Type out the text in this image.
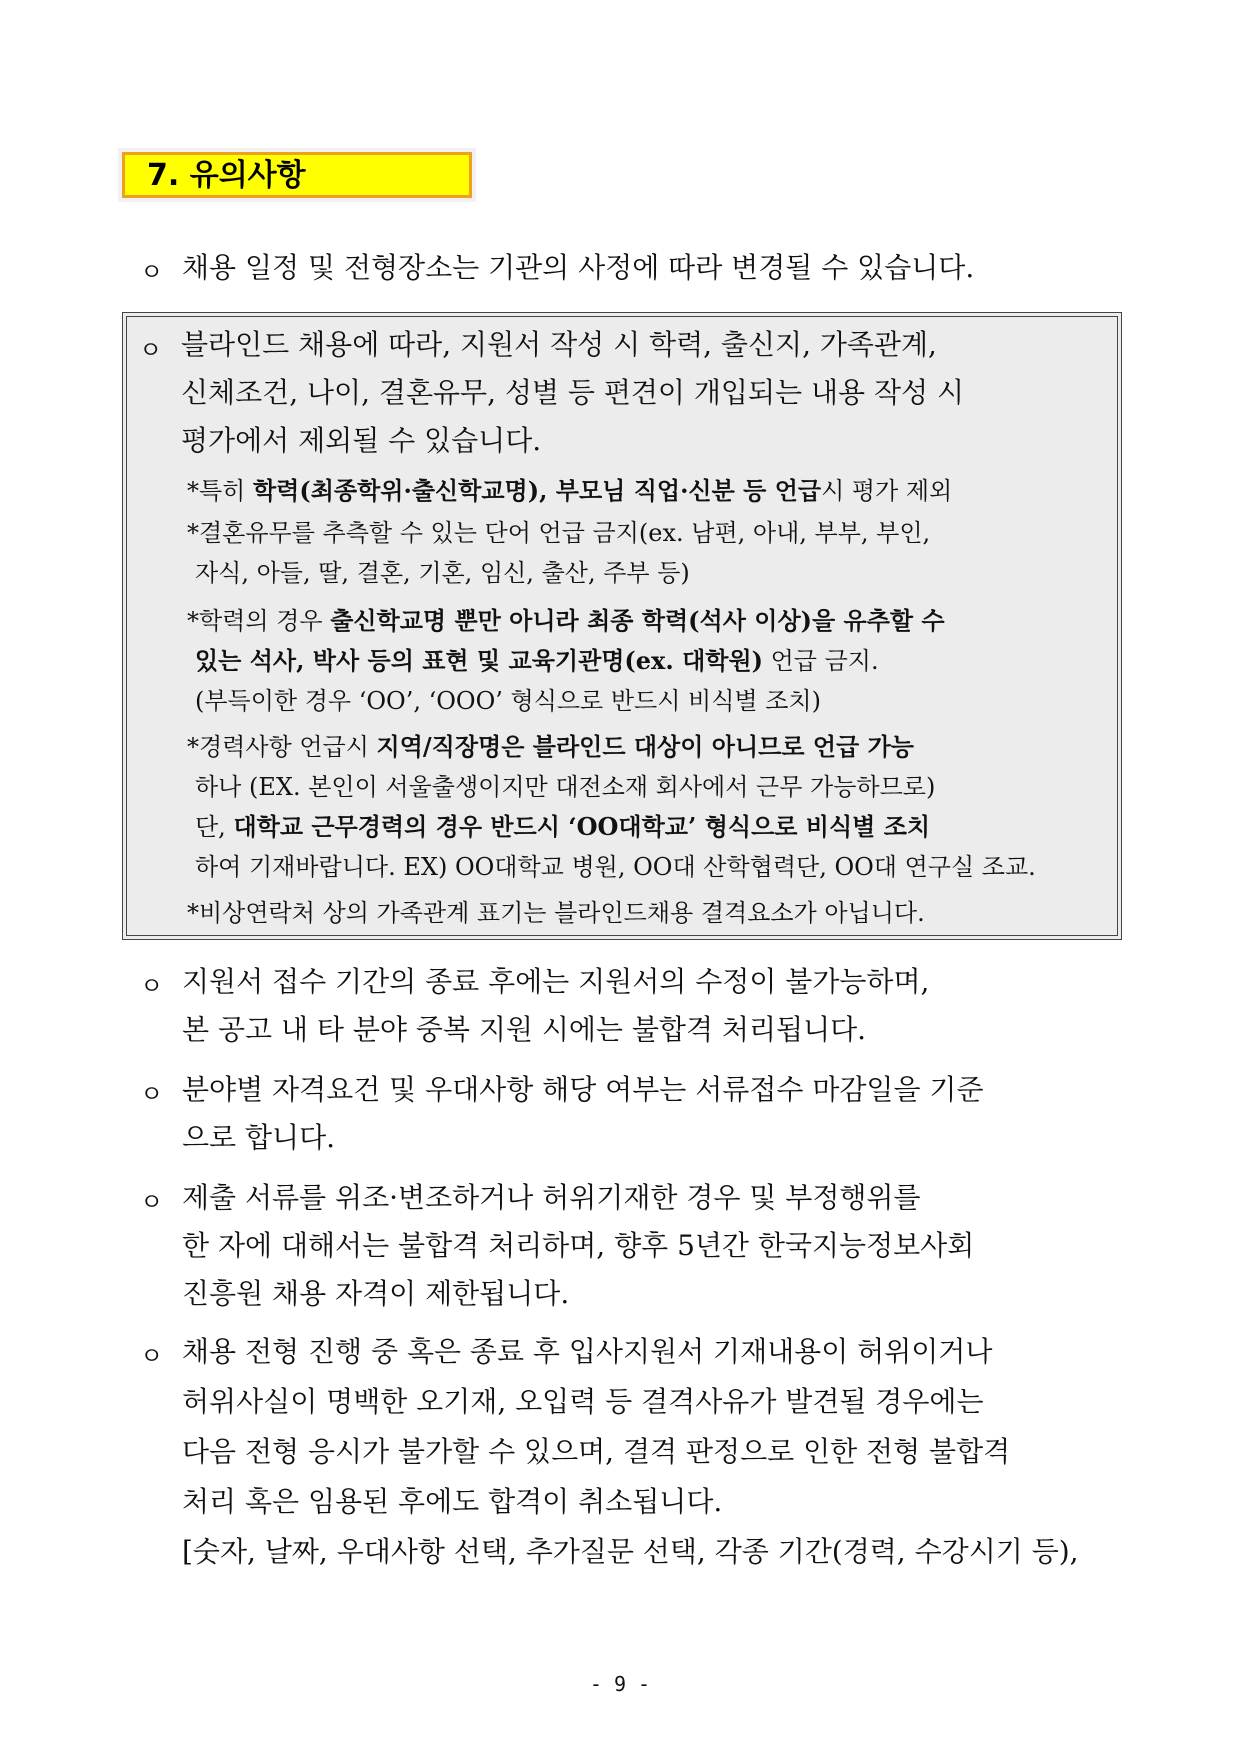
7. 유의사항
ㅇ 채용 일정 및 전형장소는 기관의 사정에 따라 변경될 수 있습니다.
ㅇ 블라인드 채용에 따라, 지원서 작성 시 학력, 출신지, 가족관계,
신체조건, 나이, 결혼유무, 성별 등 편견이 개입되는 내용 작성 시
평가에서 제외될 수 있습니다.
*특히 학력(최종학위·출신학교명), 부모님 직업·신분 등 언급시 평가 제외
*결혼유무를 추측할 수 있는 단어 언급 금지(ex. 남편, 아내, 부부, 부인,
자식, 아들, 딸, 결혼, 기혼, 임신, 출산, 주부 등)
*학력의 경우 출신학교명 뿐만 아니라 최종 학력(석사 이상)을 유추할 수
있는 석사, 박사 등의 표현 및 교육기관명(ex. 대학원) 언급 금지.
(부득이한 경우 ‘OO’, ‘OOO’ 형식으로 반드시 비식별 조치)
*경력사항 언급시 지역/직장명은 블라인드 대상이 아니므로 언급 가능
하나 (EX. 본인이 서울출생이지만 대전소재 회사에서 근무 가능하므로)
단, 대학교 근무경력의 경우 반드시 ‘OO대학교’ 형식으로 비식별 조치
하여 기재바랍니다. EX) OO대학교 병원, OO대 산학협력단, OO대 연구실 조교.
*비상연락처 상의 가족관계 표기는 블라인드채용 결격요소가 아닙니다.
ㅇ 지원서 접수 기간의 종료 후에는 지원서의 수정이 불가능하며,
본 공고 내 타 분야 중복 지원 시에는 불합격 처리됩니다.
ㅇ 분야별 자격요건 및 우대사항 해당 여부는 서류접수 마감일을 기준
으로 합니다.
ㅇ 제출 서류를 위조·변조하거나 허위기재한 경우 및 부정행위를
한 자에 대해서는 불합격 처리하며, 향후 5년간 한국지능정보사회
진흥원 채용 자격이 제한됩니다.
ㅇ 채용 전형 진행 중 혹은 종료 후 입사지원서 기재내용이 허위이거나
허위사실이 명백한 오기재, 오입력 등 결격사유가 발견될 경우에는
다음 전형 응시가 불가할 수 있으며, 결격 판정으로 인한 전형 불합격
처리 혹은 임용된 후에도 합격이 취소됩니다.
[숫자, 날짜, 우대사항 선택, 추가질문 선택, 각종 기간(경력, 수강시기 등),
- 9 -
